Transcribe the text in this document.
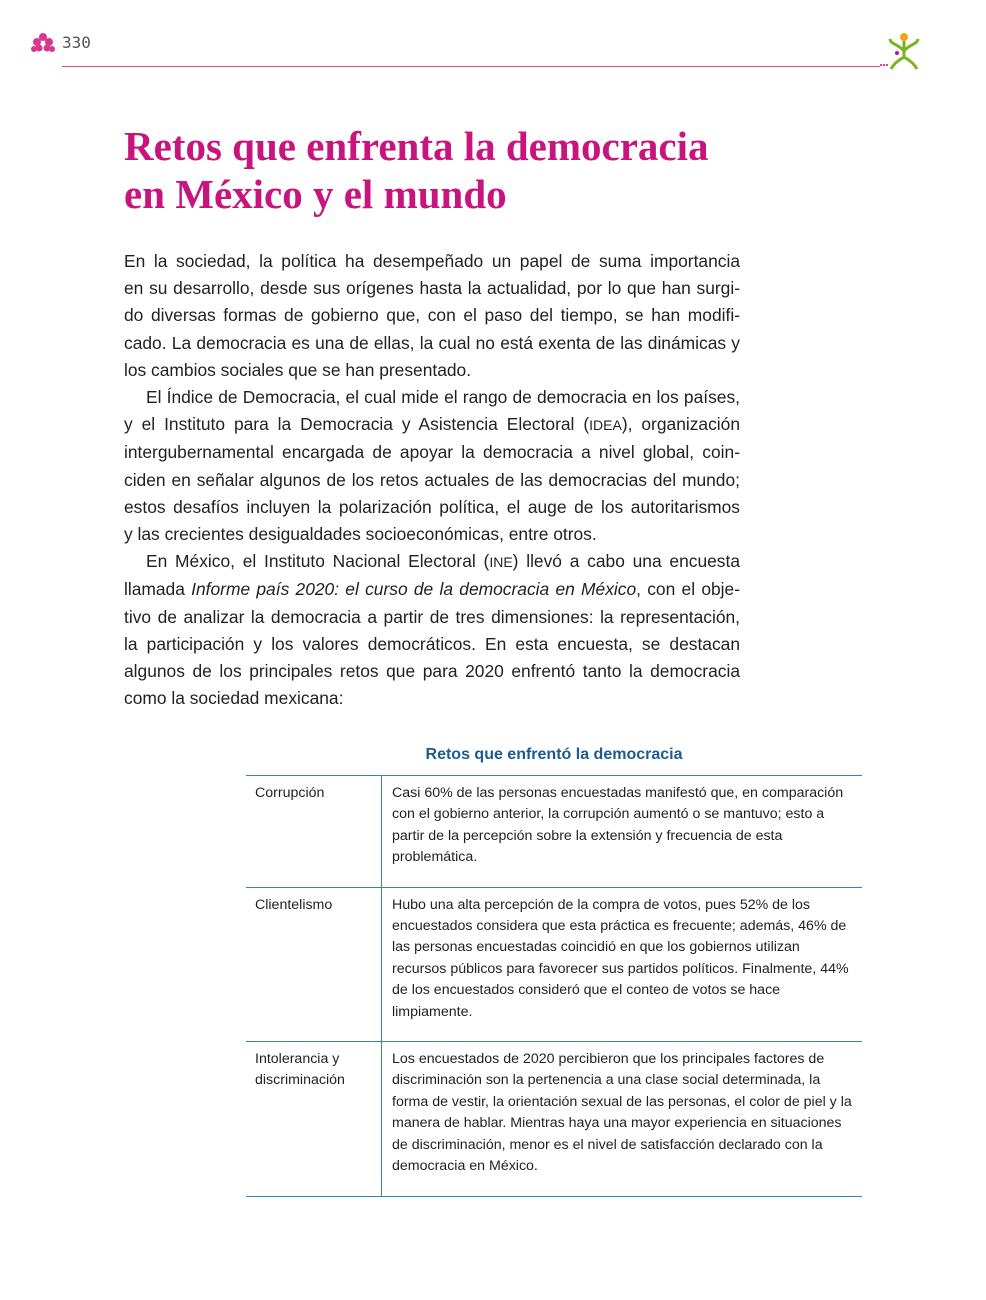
330
Retos que enfrenta la democracia
en México y el mundo

En la sociedad, la política ha desempeñado un papel de suma importancia
en su desarrollo, desde sus orígenes hasta la actualidad, por lo que han surgi-
do diversas formas de gobierno que, con el paso del tiempo, se han modifi-
cado. La democracia es una de ellas, la cual no está exenta de las dinámicas y
los cambios sociales que se han presentado.

El Índice de Democracia, el cual mide el rango de democracia en los países,
y el Instituto para la Democracia y Asistencia Electoral (IDEA), organización
intergubernamental encargada de apoyar la democracia a nivel global, coin-
ciden en señalar algunos de los retos actuales de las democracias del mundo;
estos desafíos incluyen la polarización política, el auge de los autoritarismos
y las crecientes desigualdades socioeconómicas, entre otros.

En México, el Instituto Nacional Electoral (INE) llevó a cabo una encuesta
llamada Informe país 2020: el curso de la democracia en México, con el obje-
tivo de analizar la democracia a partir de tres dimensiones: la representación,
la participación y los valores democráticos. En esta encuesta, se destacan
algunos de los principales retos que para 2020 enfrentó tanto la democracia
como la sociedad mexicana:

Retos que enfrentó la democracia
Corrupción	Casi 60% de las personas encuestadas manifestó que, en comparación con el gobierno anterior, la corrupción aumentó o se mantuvo; esto a partir de la percepción sobre la extensión y frecuencia de esta problemática.
Clientelismo	Hubo una alta percepción de la compra de votos, pues 52% de los encuestados considera que esta práctica es frecuente; además, 46% de las personas encuestadas coincidió en que los gobiernos utilizan recursos públicos para favorecer sus partidos políticos. Finalmente, 44% de los encuestados consideró que el conteo de votos se hace limpiamente.
Intolerancia y discriminación	Los encuestados de 2020 percibieron que los principales factores de discriminación son la pertenencia a una clase social determinada, la forma de vestir, la orientación sexual de las personas, el color de piel y la manera de hablar. Mientras haya una mayor experiencia en situaciones de discriminación, menor es el nivel de satisfacción declarado con la democracia en México.
